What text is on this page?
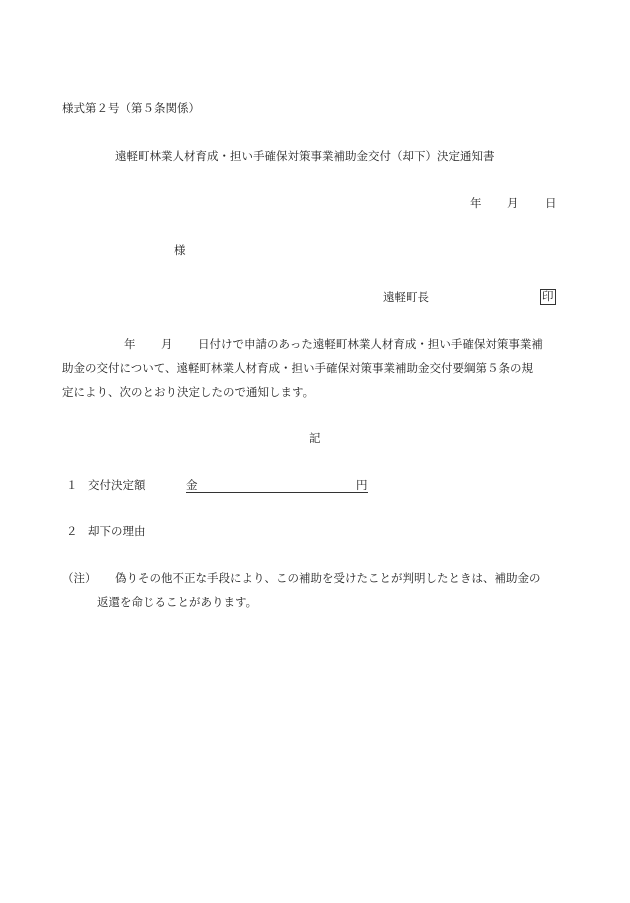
様式第２号（第５条関係）
遠軽町林業人材育成・担い手確保対策事業補助金交付（却下）決定通知書
年 月 日
様
遠軽町長	印
年 月 日付けで申請のあった遠軽町林業人材育成・担い手確保対策事業補
助金の交付について、遠軽町林業人材育成・担い手確保対策事業補助金交付要綱第５条の規
定により、次のとおり決定したので通知します。
記
１ 交付決定額	金	円
２ 却下の理由
（注） 偽りその他不正な手段により、この補助を受けたことが判明したときは、補助金の
返還を命じることがあります。
